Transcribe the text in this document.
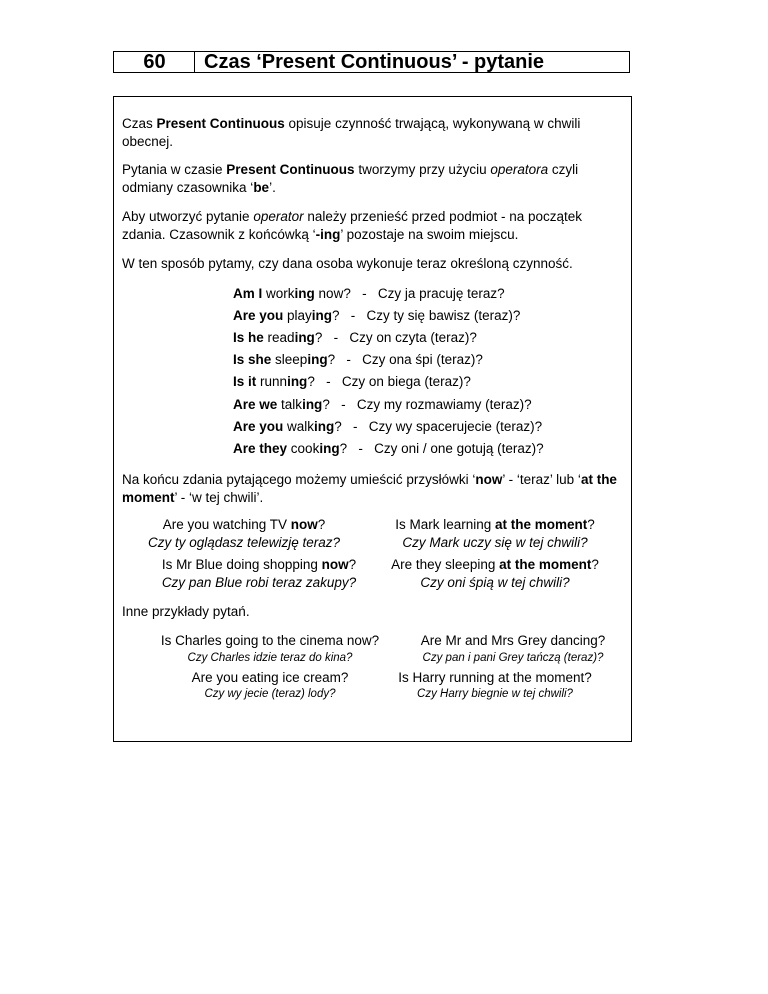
60	Czas ‘Present Continuous’ - pytanie
Czas Present Continuous opisuje czynność trwającą, wykonywaną w chwili obecnej.
Pytania w czasie Present Continuous tworzymy przy użyciu operatora czyli odmiany czasownika ‘be’.
Aby utworzyć pytanie operator należy przenieść przed podmiot - na początek zdania. Czasownik z końcówką ‘-ing’ pozostaje na swoim miejscu.
W ten sposób pytamy, czy dana osoba wykonuje teraz określoną czynność.
Am I working now?   -   Czy ja pracuję teraz?
Are you playing?   -   Czy ty się bawisz (teraz)?
Is he reading?   -   Czy on czyta (teraz)?
Is she sleeping?   -   Czy ona śpi (teraz)?
Is it running?   -   Czy on biega (teraz)?
Are we talking?   -   Czy my rozmawiamy (teraz)?
Are you walking?   -   Czy wy spacerujecie (teraz)?
Are they cooking?   -   Czy oni / one gotują (teraz)?
Na końcu zdania pytającego możemy umieścić przysłówki ‘now’ - ‘teraz’ lub ‘at the moment’ - ‘w tej chwili’.
Are you watching TV now?
Czy ty oglądasz telewizję teraz?
Is Mark learning at the moment?
Czy Mark uczy się w tej chwili?
Is Mr Blue doing shopping now?
Czy pan Blue robi teraz zakupy?
Are they sleeping at the moment?
Czy oni śpią w tej chwili?
Inne przykłady pytań.
Is Charles going to the cinema now?
Czy Charles idzie teraz do kina?
Are Mr and Mrs Grey dancing?
Czy pan i pani Grey tańczą (teraz)?
Are you eating ice cream?
Czy wy jecie (teraz) lody?
Is Harry running at the moment?
Czy Harry biegnie w tej chwili?
